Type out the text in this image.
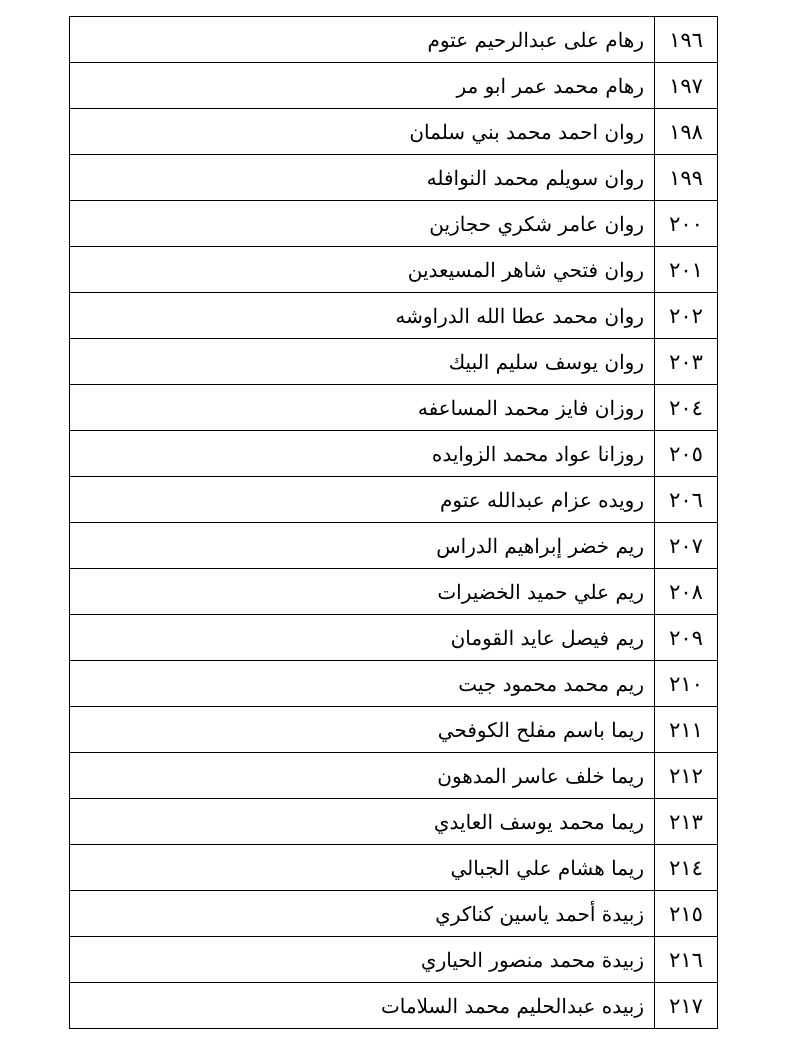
١٩٦	رهام على عبدالرحيم عتوم
١٩٧	رهام محمد عمر ابو مر
١٩٨	روان احمد محمد بني سلمان
١٩٩	روان سويلم محمد النوافله
٢٠٠	روان عامر شكري حجازين
٢٠١	روان فتحي شاهر المسيعدين
٢٠٢	روان محمد عطا الله الدراوشه
٢٠٣	روان يوسف سليم البيك
٢٠٤	روزان فايز محمد المساعفه
٢٠٥	روزانا عواد محمد الزوايده
٢٠٦	رويده عزام عبدالله عتوم
٢٠٧	ريم خضر إبراهيم الدراس
٢٠٨	ريم علي حميد الخضيرات
٢٠٩	ريم فيصل عايد القومان
٢١٠	ريم محمد محمود جيت
٢١١	ريما باسم مفلح الكوفحي
٢١٢	ريما خلف عاسر المدهون
٢١٣	ريما محمد يوسف العايدي
٢١٤	ريما هشام علي الجبالي
٢١٥	زبيدة أحمد ياسين كناكري
٢١٦	زبيدة محمد منصور الحياري
٢١٧	زبيده عبدالحليم محمد السلامات
